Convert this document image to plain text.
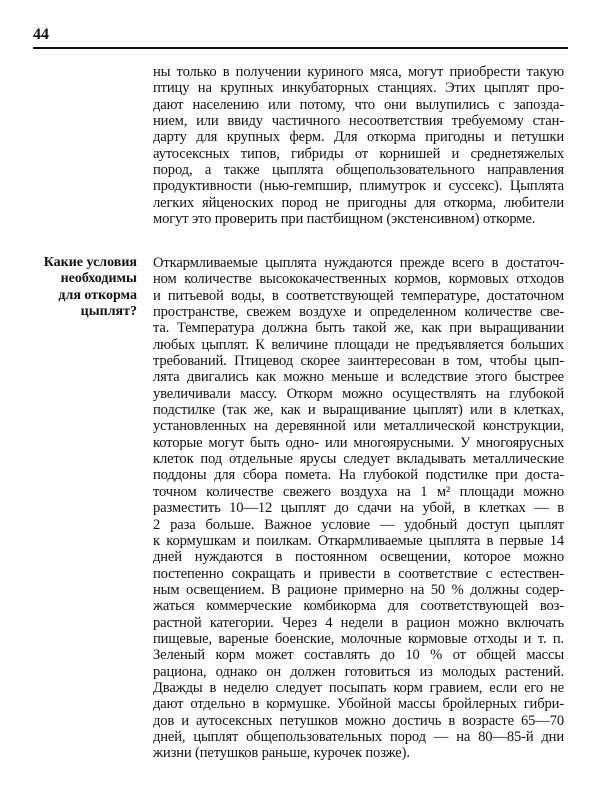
44
ны только в получении куриного мяса, могут приобрести такую
птицу на крупных инкубаторных станциях. Этих цыплят про-
дают населению или потому, что они вылупились с запозда-
нием, или ввиду частичного несоответствия требуемому стан-
дарту для крупных ферм. Для откорма пригодны и петушки
аутосексных типов, гибриды от корнишей и среднетяжелых
пород, а также цыплята общепользовательного направления
продуктивности (нью-гемпшир, плимутрок и суссекс). Цыплята
легких яйценоских пород не пригодны для откорма, любители
могут это проверить при пастбищном (экстенсивном) откорме.
Какие условия
необходимы
для откорма
цыплят?
Откармливаемые цыплята нуждаются прежде всего в достаточ-
ном количестве высококачественных кормов, кормовых отходов
и питьевой воды, в соответствующей температуре, достаточном
пространстве, свежем воздухе и определенном количестве све-
та. Температура должна быть такой же, как при выращивании
любых цыплят. К величине площади не предъявляется больших
требований. Птицевод скорее заинтересован в том, чтобы цып-
лята двигались как можно меньше и вследствие этого быстрее
увеличивали массу. Откорм можно осуществлять на глубокой
подстилке (так же, как и выращивание цыплят) или в клетках,
установленных на деревянной или металлической конструкции,
которые могут быть одно- или многоярусными. У многоярусных
клеток под отдельные ярусы следует вкладывать металлические
поддоны для сбора помета. На глубокой подстилке при доста-
точном количестве свежего воздуха на 1 м² площади можно
разместить 10—12 цыплят до сдачи на убой, в клетках — в
2 раза больше. Важное условие — удобный доступ цыплят
к кормушкам и поилкам. Откармливаемые цыплята в первые 14
дней нуждаются в постоянном освещении, которое можно
постепенно сокращать и привести в соответствие с естествен-
ным освещением. В рационе примерно на 50 % должны содер-
жаться коммерческие комбикорма для соответствующей воз-
растной категории. Через 4 недели в рацион можно включать
пищевые, вареные боенские, молочные кормовые отходы и т. п.
Зеленый корм может составлять до 10 % от общей массы
рациона, однако он должен готовиться из молодых растений.
Дважды в неделю следует посыпать корм гравием, если его не
дают отдельно в кормушке. Убойной массы бройлерных гибри-
дов и аутосексных петушков можно достичь в возрасте 65—70
дней, цыплят общепользовательных пород — на 80—85-й дни
жизни (петушков раньше, курочек позже).
